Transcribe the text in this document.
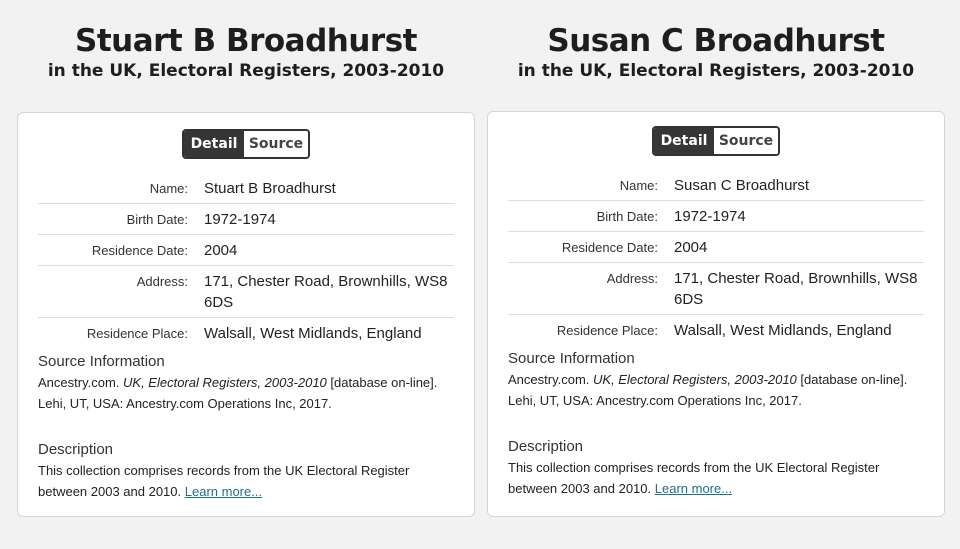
Stuart B Broadhurst
in the UK, Electoral Registers, 2003-2010
Detail Source
Name:	Stuart B Broadhurst
Birth Date:	1972-1974
Residence Date:	2004
Address:	171, Chester Road, Brownhills, WS8 6DS
Residence Place:	Walsall, West Midlands, England
Source Information
Ancestry.com. UK, Electoral Registers, 2003-2010 [database on-line]. Lehi, UT, USA: Ancestry.com Operations Inc, 2017.
Description
This collection comprises records from the UK Electoral Register between 2003 and 2010. Learn more...
Susan C Broadhurst
in the UK, Electoral Registers, 2003-2010
Detail Source
Name:	Susan C Broadhurst
Birth Date:	1972-1974
Residence Date:	2004
Address:	171, Chester Road, Brownhills, WS8 6DS
Residence Place:	Walsall, West Midlands, England
Source Information
Ancestry.com. UK, Electoral Registers, 2003-2010 [database on-line]. Lehi, UT, USA: Ancestry.com Operations Inc, 2017.
Description
This collection comprises records from the UK Electoral Register between 2003 and 2010. Learn more...
